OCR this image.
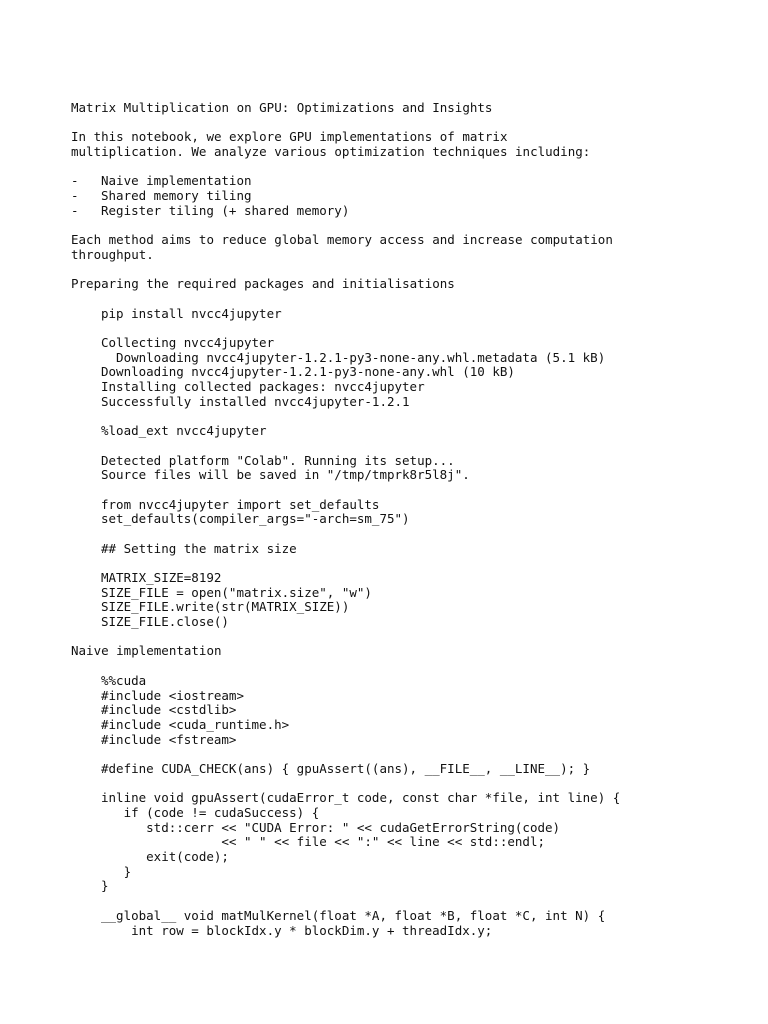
Matrix Multiplication on GPU: Optimizations and Insights
In this notebook, we explore GPU implementations of matrix
multiplication. We analyze various optimization techniques including:
-	Naive implementation
-	Shared memory tiling
-	Register tiling (+ shared memory)
Each method aims to reduce global memory access and increase computation
throughput.
Preparing the required packages and initialisations
pip install nvcc4jupyter
Collecting nvcc4jupyter
Downloading nvcc4jupyter-1.2.1-py3-none-any.whl.metadata (5.1 kB)
Downloading nvcc4jupyter-1.2.1-py3-none-any.whl (10 kB)
Installing collected packages: nvcc4jupyter
Successfully installed nvcc4jupyter-1.2.1
%load_ext nvcc4jupyter
Detected platform "Colab". Running its setup...
Source files will be saved in "/tmp/tmprk8r5l8j".
from nvcc4jupyter import set_defaults
set_defaults(compiler_args="-arch=sm_75")
## Setting the matrix size
MATRIX_SIZE=8192
SIZE_FILE = open("matrix.size", "w")
SIZE_FILE.write(str(MATRIX_SIZE))
SIZE_FILE.close()
Naive implementation
%%cuda
#include <iostream>
#include <cstdlib>
#include <cuda_runtime.h>
#include <fstream>
#define CUDA_CHECK(ans) { gpuAssert((ans), __FILE__, __LINE__); }
inline void gpuAssert(cudaError_t code, const char *file, int line) {
if (code != cudaSuccess) {
std::cerr << "CUDA Error: " << cudaGetErrorString(code)
<< " " << file << ":" << line << std::endl;
exit(code);
}
}
__global__ void matMulKernel(float *A, float *B, float *C, int N) {
int row = blockIdx.y * blockDim.y + threadIdx.y;
